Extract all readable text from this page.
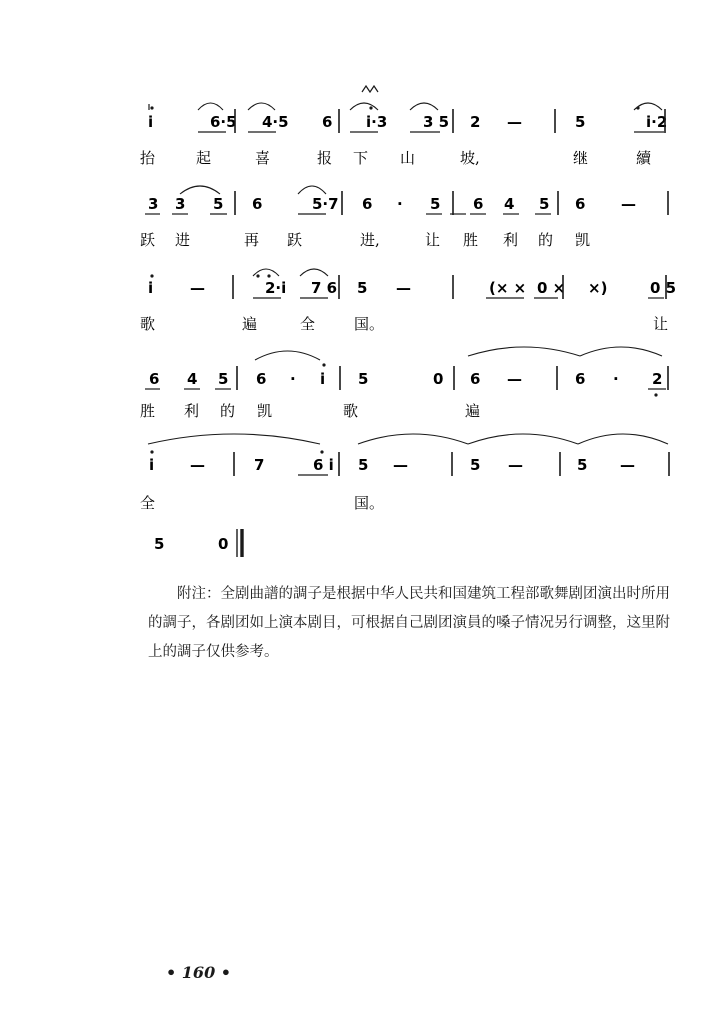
i	6·5 4·5 6 i·3 3 5 2 —	5	i·2
3 3 5 6	5·7 6 · 5 6 4 5 6 —
i —	2·i 7 6 5 —	(× × 0 × ×)	0 5
6 4 5 6 · i 5	0 6 —	6 · 2
i —	7	6 i 5 —	5 —	5 —
5	0
抬	起	喜	报 下 山	坡,	继	續
跃 进	再 跃	进,	让 胜 利 的 凯
歌	遍	全	国。	让
胜 利 的 凯	歌	遍
全	国。

附注：全剧曲譜的調子是根据中华人民共和国建筑工程部歌舞剧团演出时所用的調子，各剧团如上演本剧目，可根据自己剧团演員的嗓子情况另行调整，这里附上的調子仅供参考。

• 160 •
